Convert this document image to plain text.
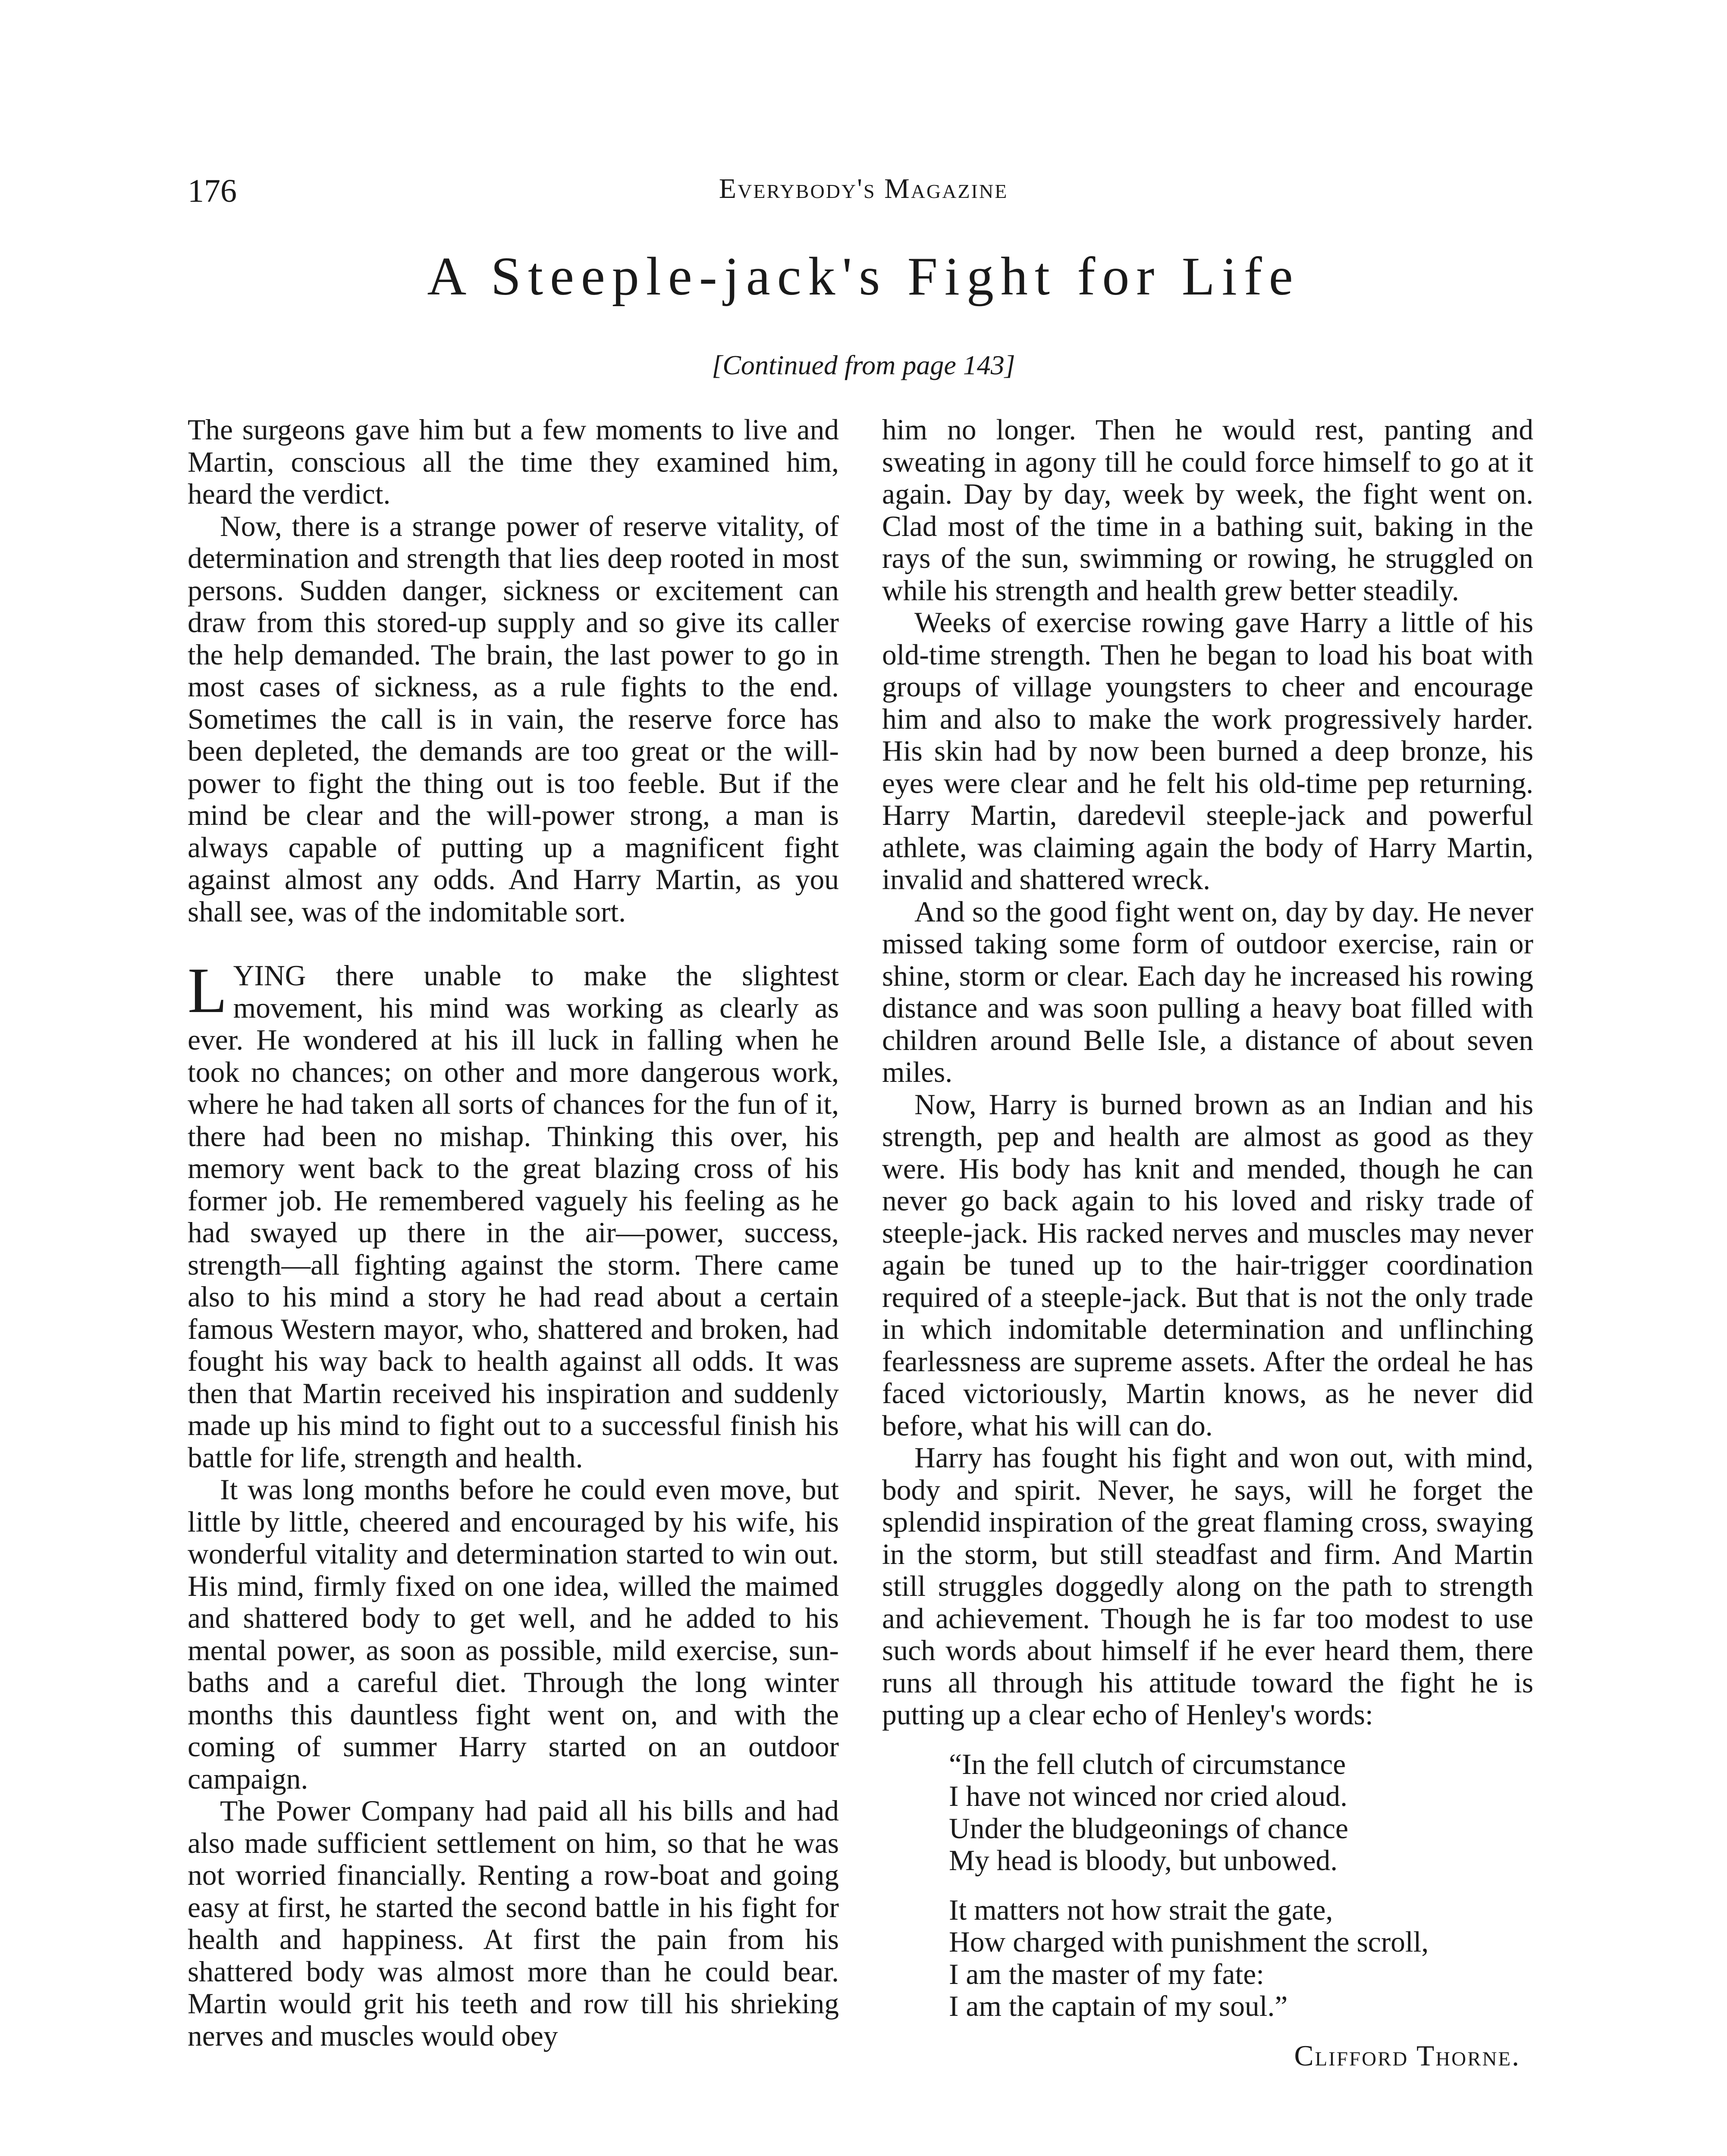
176	Everybody's Magazine
A Steeple-jack's Fight for Life
[Continued from page 143]

The surgeons gave him but a few moments to live and Martin, conscious all the time they examined him, heard the verdict.

Now, there is a strange power of reserve vitality, of determination and strength that lies deep rooted in most persons. Sudden danger, sickness or excitement can draw from this stored-up supply and so give its caller the help demanded. The brain, the last power to go in most cases of sickness, as a rule fights to the end. Sometimes the call is in vain, the reserve force has been depleted, the demands are too great or the will-power to fight the thing out is too feeble. But if the mind be clear and the will-power strong, a man is always capable of putting up a magnificent fight against almost any odds. And Harry Martin, as you shall see, was of the indomitable sort.

LYING there unable to make the slightest movement, his mind was working as clearly as ever. He wondered at his ill luck in falling when he took no chances; on other and more dangerous work, where he had taken all sorts of chances for the fun of it, there had been no mishap. Thinking this over, his memory went back to the great blazing cross of his former job. He remembered vaguely his feeling as he had swayed up there in the air—power, success, strength—all fighting against the storm. There came also to his mind a story he had read about a certain famous Western mayor, who, shattered and broken, had fought his way back to health against all odds. It was then that Martin received his inspiration and suddenly made up his mind to fight out to a successful finish his battle for life, strength and health.

It was long months before he could even move, but little by little, cheered and encouraged by his wife, his wonderful vitality and determination started to win out. His mind, firmly fixed on one idea, willed the maimed and shattered body to get well, and he added to his mental power, as soon as possible, mild exercise, sun-baths and a careful diet. Through the long winter months this dauntless fight went on, and with the coming of summer Harry started on an outdoor campaign.

The Power Company had paid all his bills and had also made sufficient settlement on him, so that he was not worried financially. Renting a row-boat and going easy at first, he started the second battle in his fight for health and happiness. At first the pain from his shattered body was almost more than he could bear. Martin would grit his teeth and row till his shrieking nerves and muscles would obey

him no longer. Then he would rest, panting and sweating in agony till he could force himself to go at it again. Day by day, week by week, the fight went on. Clad most of the time in a bathing suit, baking in the rays of the sun, swimming or rowing, he struggled on while his strength and health grew better steadily.

Weeks of exercise rowing gave Harry a little of his old-time strength. Then he began to load his boat with groups of village youngsters to cheer and encourage him and also to make the work progressively harder. His skin had by now been burned a deep bronze, his eyes were clear and he felt his old-time pep returning. Harry Martin, daredevil steeple-jack and powerful athlete, was claiming again the body of Harry Martin, invalid and shattered wreck.

And so the good fight went on, day by day. He never missed taking some form of outdoor exercise, rain or shine, storm or clear. Each day he increased his rowing distance and was soon pulling a heavy boat filled with children around Belle Isle, a distance of about seven miles.

Now, Harry is burned brown as an Indian and his strength, pep and health are almost as good as they were. His body has knit and mended, though he can never go back again to his loved and risky trade of steeple-jack. His racked nerves and muscles may never again be tuned up to the hair-trigger coordination required of a steeple-jack. But that is not the only trade in which indomitable determination and unflinching fearlessness are supreme assets. After the ordeal he has faced victoriously, Martin knows, as he never did before, what his will can do.

Harry has fought his fight and won out, with mind, body and spirit. Never, he says, will he forget the splendid inspiration of the great flaming cross, swaying in the storm, but still steadfast and firm. And Martin still struggles doggedly along on the path to strength and achievement. Though he is far too modest to use such words about himself if he ever heard them, there runs all through his attitude toward the fight he is putting up a clear echo of Henley's words:

“In the fell clutch of circumstance
I have not winced nor cried aloud.
Under the bludgeonings of chance
My head is bloody, but unbowed.
It matters not how strait the gate,
How charged with punishment the scroll,
I am the master of my fate:
I am the captain of my soul.”
Clifford Thorne.
